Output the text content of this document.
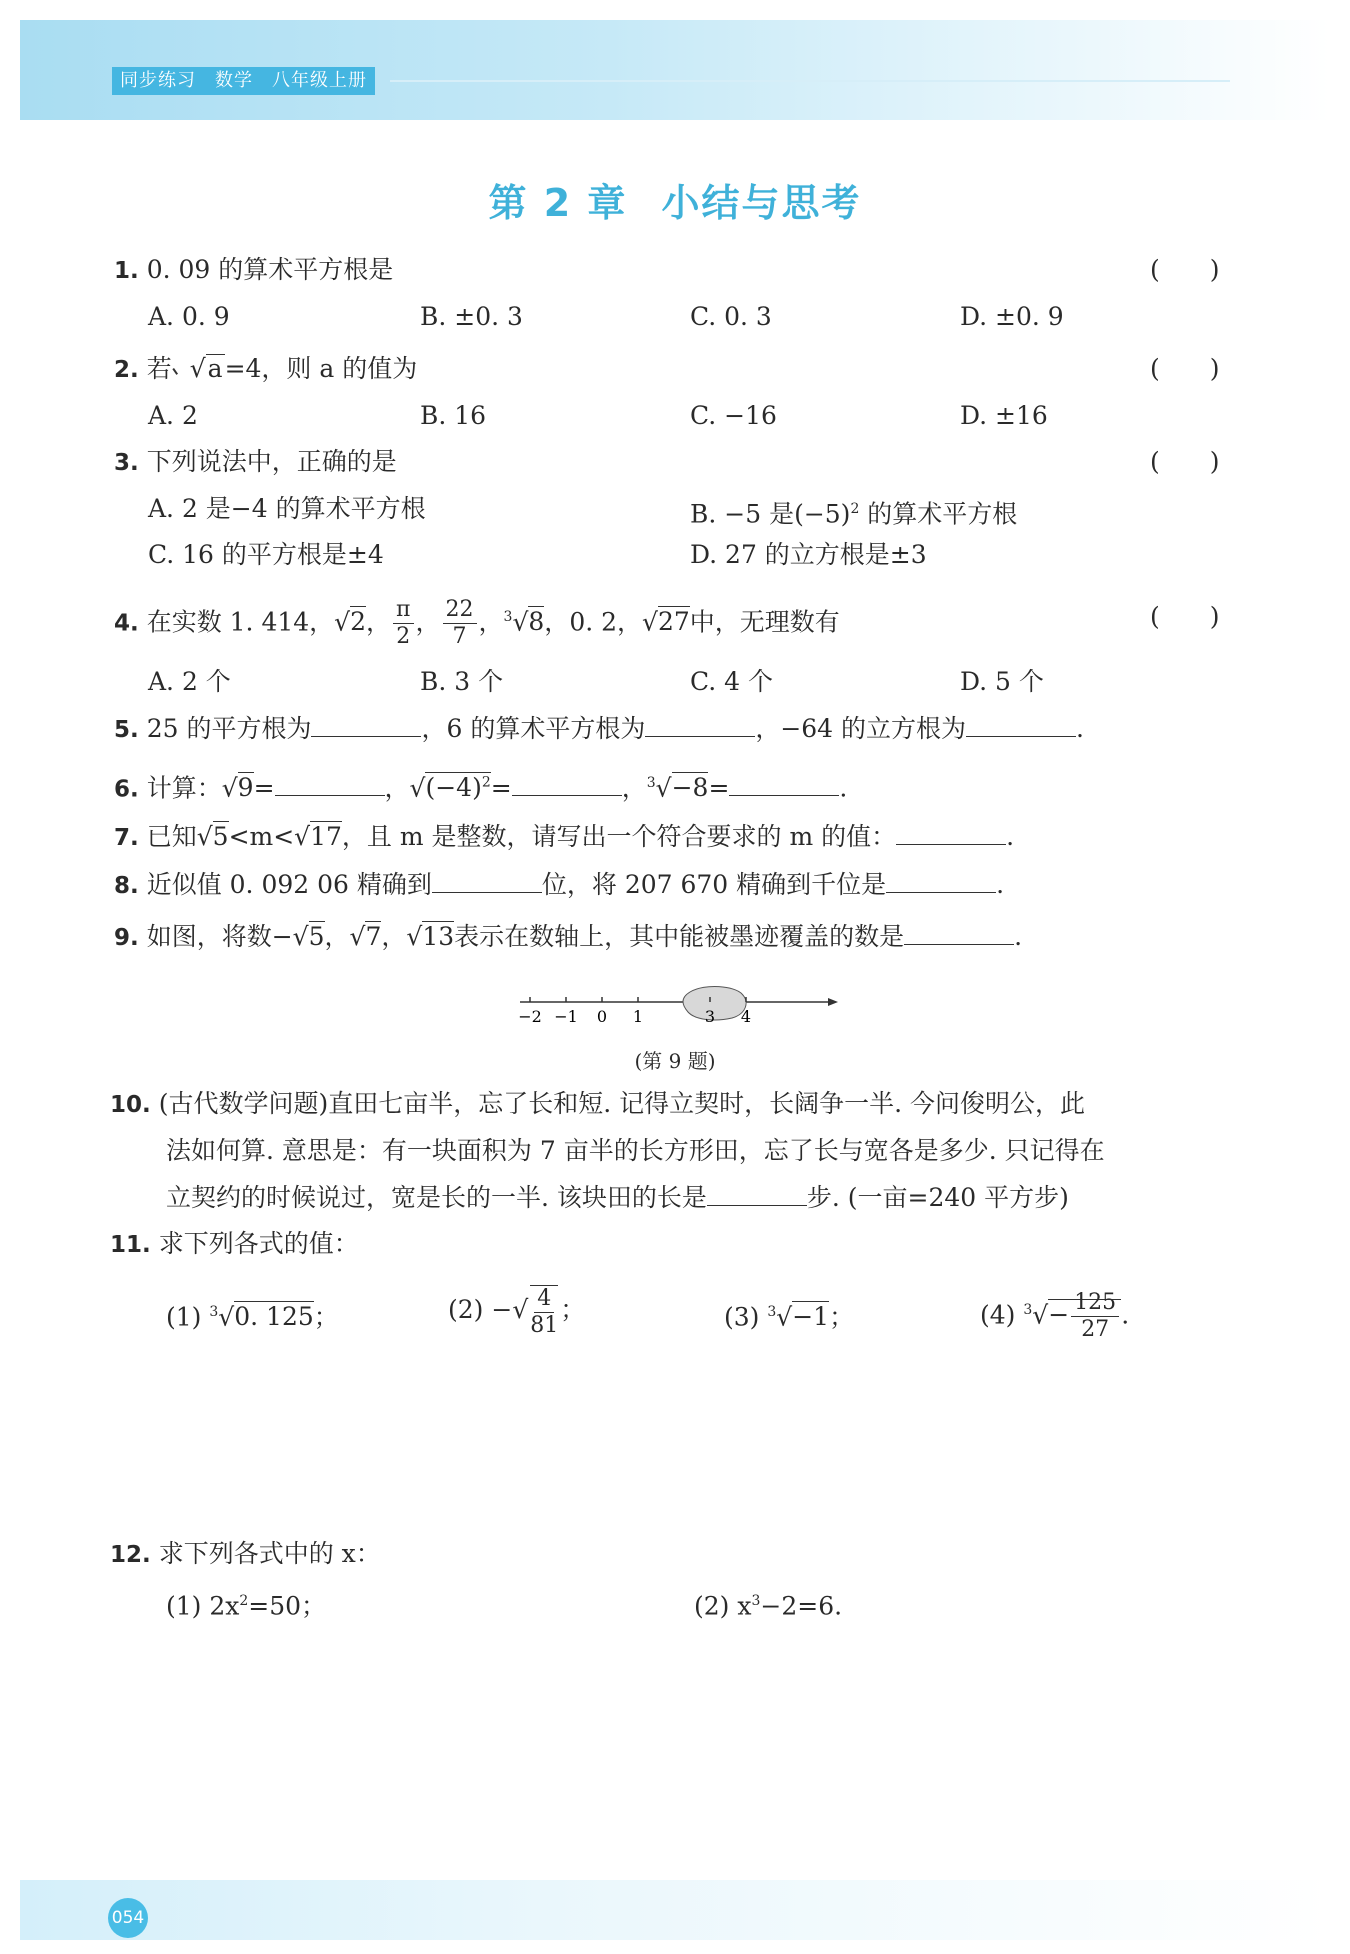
同步练习　数学　八年级上册
第 2 章 小结与思考
1. 0. 09 的算术平方根是	(　　)
A. 0. 9	B. ±0. 3	C. 0. 3	D. ±0. 9
2. 若 √a=4，则 a 的值为	(　　)
A. 2	B. 16	C. −16	D. ±16
3. 下列说法中，正确的是	(　　)
A. 2 是−4 的算术平方根	B. −5 是$(-5)^2$ 的算术平方根
C. 16 的平方根是±4	D. 27 的立方根是±3
4. 在实数 1. 414，√2， $\frac{\pi}{2}$ ， $\frac{22}{7}$ ，$^3$√8，0. 2，√27中，无理数有	(　　)
A. 2 个	B. 3 个	C. 4 个	D. 5 个
5. 25 的平方根为	，6 的算术平方根为	，−64 的立方根为	.
6. 计算：√9=	，$√(-4)^2=$	，$^3$√−8=	.
7. 已知√5<m<√17，且 m 是整数，请写出一个符合要求的 m 的值：	.
8. 近似值 0. 092 06 精确到	位，将 207 670 精确到千位是	.
9. 如图，将数−√5，√7，√13表示在数轴上，其中能被墨迹覆盖的数是	.
−2 −1 0 1	3 4
(第 9 题)
10. (古代数学问题)直田七亩半，忘了长和短. 记得立契时，长阔争一半. 今问俊明公，此
法如何算. 意思是：有一块面积为 7 亩半的长方形田，忘了长与宽各是多少. 只记得在
立契约的时候说过，宽是长的一半. 该块田的长是	步. (一亩=240 平方步)
11. 求下列各式的值：
(1) $^3$√0. 125；	(2) −√ $\frac{4}{81}$ ；	(3) $^3$√−1；	(4) $^3√- \frac{125}{27}$ .
12. 求下列各式中的 x：
(1) $2x^2=50$；	(2) $x^3-2=6$.
054
